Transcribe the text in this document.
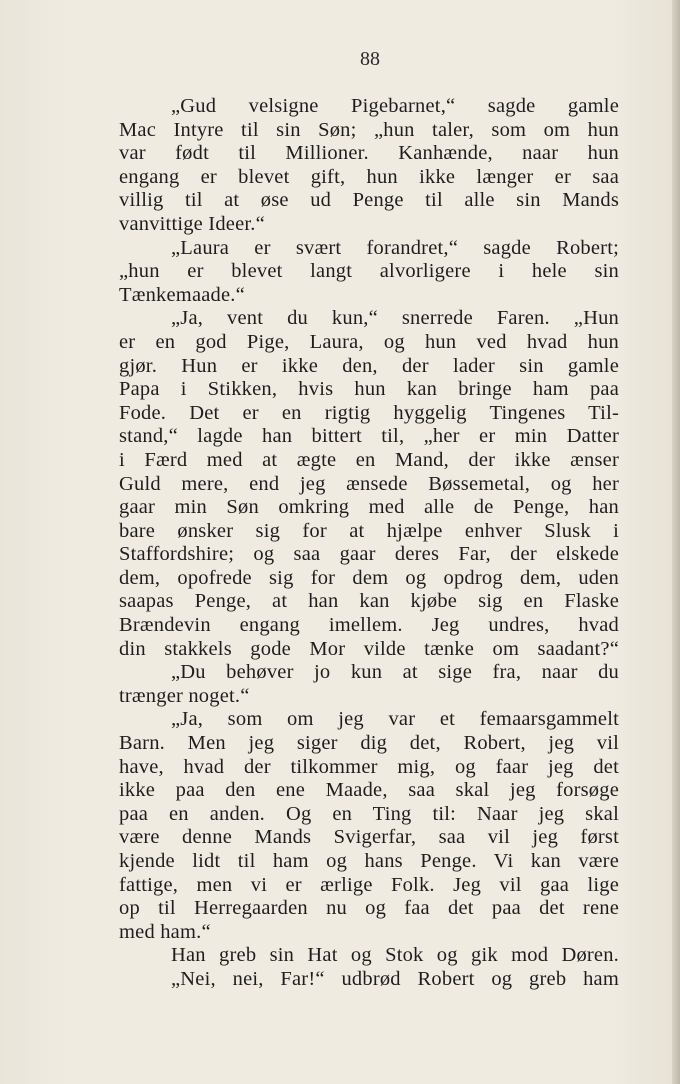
88
„Gud velsigne Pigebarnet,“ sagde gamle
Mac Intyre til sin Søn; „hun taler, som om hun
var født til Millioner. Kanhænde, naar hun
engang er blevet gift, hun ikke længer er saa
villig til at øse ud Penge til alle sin Mands
vanvittige Ideer.“
„Laura er svært forandret,“ sagde Robert;
„hun er blevet langt alvorligere i hele sin
Tænkemaade.“
„Ja, vent du kun,“ snerrede Faren. „Hun
er en god Pige, Laura, og hun ved hvad hun
gjør. Hun er ikke den, der lader sin gamle
Papa i Stikken, hvis hun kan bringe ham paa
Fode. Det er en rigtig hyggelig Tingenes Til-
stand,“ lagde han bittert til, „her er min Datter
i Færd med at ægte en Mand, der ikke ænser
Guld mere, end jeg ænsede Bøssemetal, og her
gaar min Søn omkring med alle de Penge, han
bare ønsker sig for at hjælpe enhver Slusk i
Staffordshire; og saa gaar deres Far, der elskede
dem, opofrede sig for dem og opdrog dem, uden
saapas Penge, at han kan kjøbe sig en Flaske
Brændevin engang imellem. Jeg undres, hvad
din stakkels gode Mor vilde tænke om saadant?“
„Du behøver jo kun at sige fra, naar du
trænger noget.“
„Ja, som om jeg var et femaarsgammelt
Barn. Men jeg siger dig det, Robert, jeg vil
have, hvad der tilkommer mig, og faar jeg det
ikke paa den ene Maade, saa skal jeg forsøge
paa en anden. Og en Ting til: Naar jeg skal
være denne Mands Svigerfar, saa vil jeg først
kjende lidt til ham og hans Penge. Vi kan være
fattige, men vi er ærlige Folk. Jeg vil gaa lige
op til Herregaarden nu og faa det paa det rene
med ham.“
Han greb sin Hat og Stok og gik mod Døren.
„Nei, nei, Far!“ udbrød Robert og greb ham
